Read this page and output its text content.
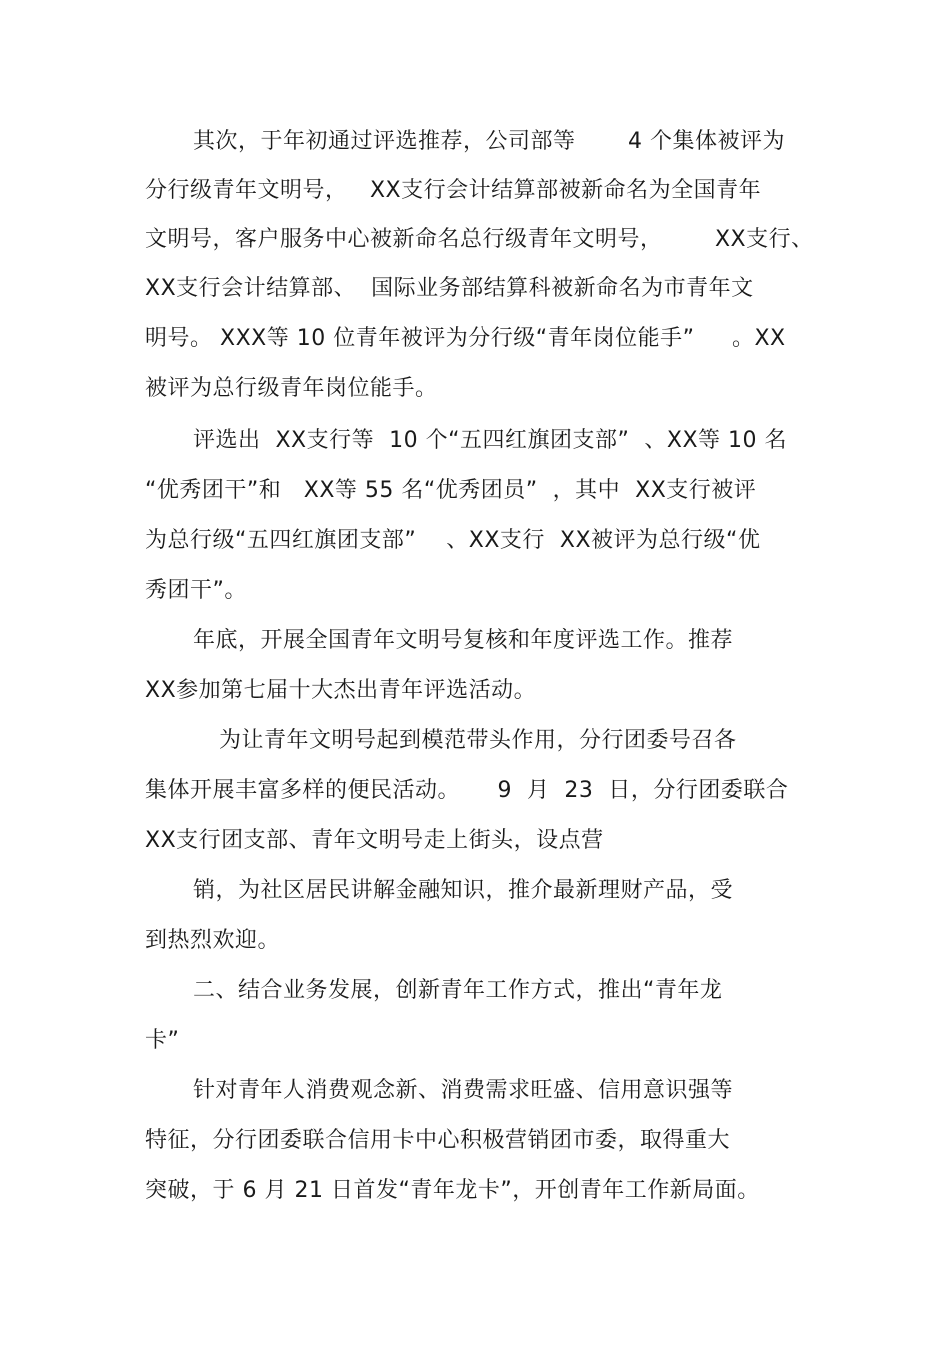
其次，于年初通过评选推荐，公司部等       4 个集体被评为
分行级青年文明号，   XX支行会计结算部被新命名为全国青年
文明号，客户服务中心被新命名总行级青年文明号，       XX支行、
XX支行会计结算部、  国际业务部结算科被新命名为市青年文
明号。 XXX等 10 位青年被评为分行级“青年岗位能手”     。XX
被评为总行级青年岗位能手。
评选出  XX支行等  10 个“五四红旗团支部”  、XX等 10 名
“优秀团干”和   XX等 55 名“优秀团员”  ，其中  XX支行被评
为总行级“五四红旗团支部”    、XX支行  XX被评为总行级“优
秀团干”。
年底，开展全国青年文明号复核和年度评选工作。推荐
XX参加第七届十大杰出青年评选活动。
为让青年文明号起到模范带头作用，分行团委号召各
集体开展丰富多样的便民活动。     9  月  23  日，分行团委联合
XX支行团支部、青年文明号走上街头，设点营
销，为社区居民讲解金融知识，推介最新理财产品，受
到热烈欢迎。
二、结合业务发展，创新青年工作方式，推出“青年龙
卡”
针对青年人消费观念新、消费需求旺盛、信用意识强等
特征，分行团委联合信用卡中心积极营销团市委，取得重大
突破，于 6 月 21 日首发“青年龙卡”，开创青年工作新局面。
